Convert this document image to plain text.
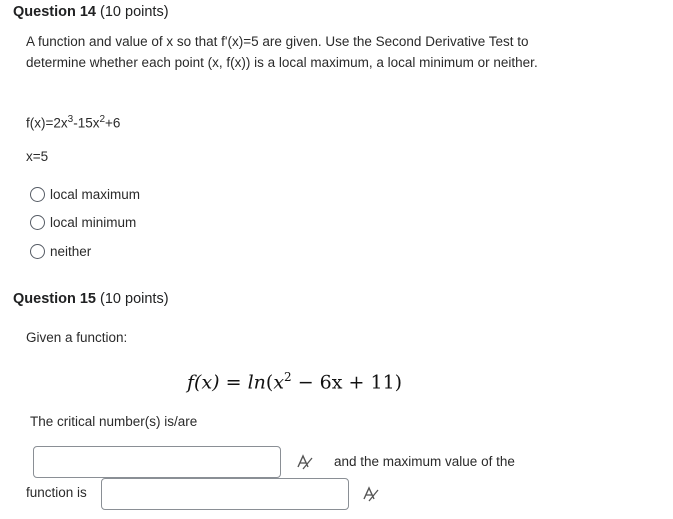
Question 14 (10 points)
A function and value of x so that f'(x)=5 are given. Use the Second Derivative Test to determine whether each point (x, f(x)) is a local maximum, a local minimum or neither.
$f(x)=2x^3-15x^2+6$
x=5
local maximum
local minimum
neither
Question 15 (10 points)
Given a function:
$f(x) = \ln(x^2 - 6x + 11)$
The critical number(s) is/are
and the maximum value of the
function is
